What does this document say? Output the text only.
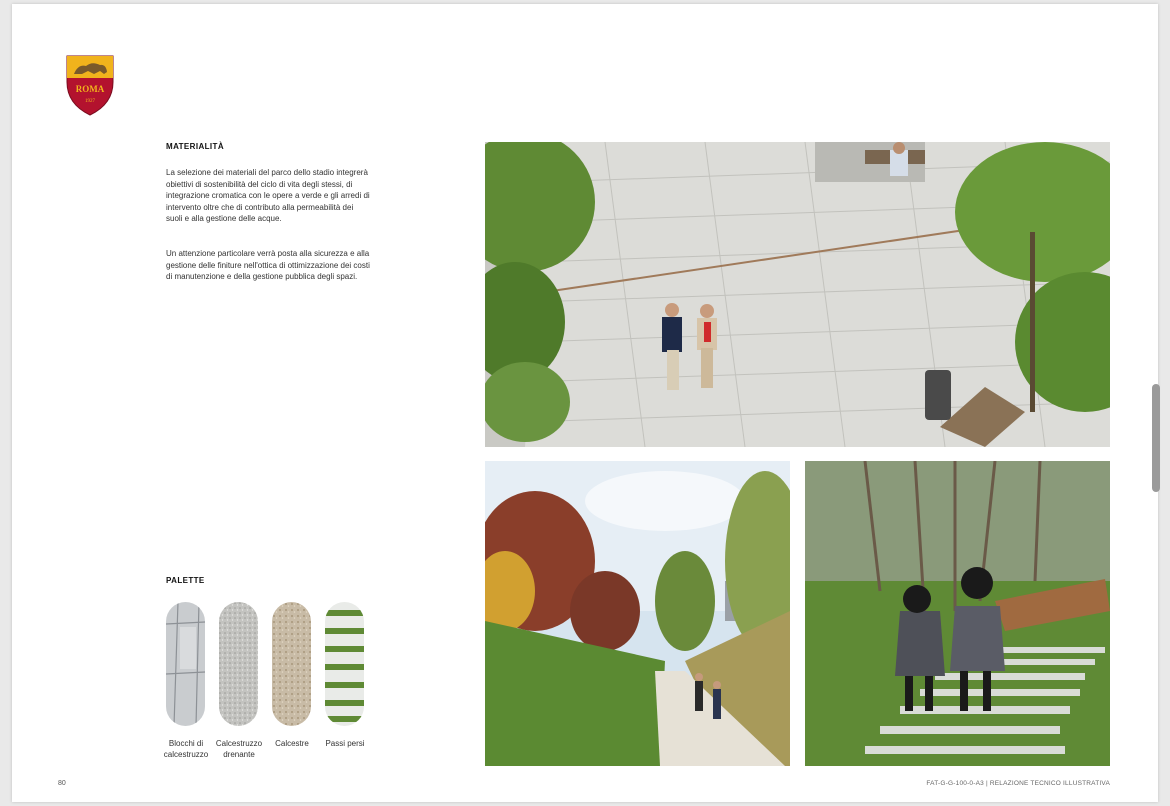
ROMA
1927
MATERIALITÀ
La selezione dei materiali del parco dello stadio integrerà obiettivi di sostenibilità del ciclo di vita degli stessi, di integrazione cromatica con le opere a verde e gli arredi di intervento oltre che di contributo alla permeabilità dei suoli e alla gestione delle acque.
Un attenzione particolare verrà posta alla sicurezza e alla gestione delle finiture nell'ottica di ottimizzazione dei costi di manutenzione e della gestione pubblica degli spazi.
PALETTE
Blocchi di calcestruzzo
Calcestruzzo drenante
Calcestre	Passi persi
80	FAT-G-G-100-0-A3 | RELAZIONE TECNICO ILLUSTRATIVA
